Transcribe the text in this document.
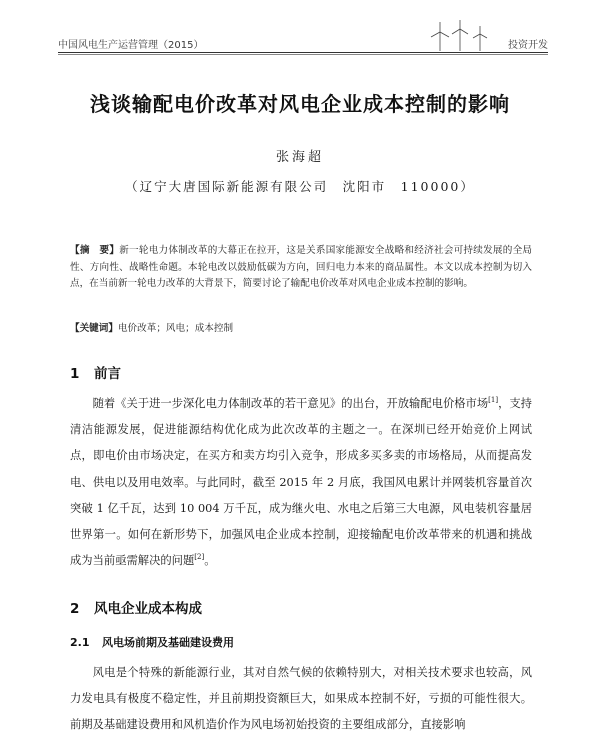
中国风电生产运营管理（2015）	投资开发
浅谈输配电价改革对风电企业成本控制的影响
张海超
（辽宁大唐国际新能源有限公司　沈阳市　110000）
【摘　要】新一轮电力体制改革的大幕正在拉开，这是关系国家能源安全战略和经济社会可持续发展的全局性、方向性、战略性命题。本轮电改以鼓励低碳为方向，回归电力本来的商品属性。本文以成本控制为切入点，在当前新一轮电力改革的大背景下，简要讨论了输配电价改革对风电企业成本控制的影响。
【关键词】电价改革；风电；成本控制
1 前言

随着《关于进一步深化电力体制改革的若干意见》的出台，开放输配电价格市场[1]，支持清洁能源发展，促进能源结构优化成为此次改革的主题之一。在深圳已经开始竞价上网试点，即电价由市场决定，在买方和卖方均引入竞争，形成多买多卖的市场格局，从而提高发电、供电以及用电效率。与此同时，截至 2015 年 2 月底，我国风电累计并网装机容量首次突破 1 亿千瓦，达到 10 004 万千瓦，成为继火电、水电之后第三大电源，风电装机容量居世界第一。如何在新形势下，加强风电企业成本控制，迎接输配电价改革带来的机遇和挑战成为当前亟需解决的问题[2]。

2 风电企业成本构成
2.1 风电场前期及基础建设费用

风电是个特殊的新能源行业，其对自然气候的依赖特别大，对相关技术要求也较高，风力发电具有极度不稳定性，并且前期投资额巨大，如果成本控制不好，亏损的可能性很大。前期及基础建设费用和风机造价作为风电场初始投资的主要组成部分，直接影响
